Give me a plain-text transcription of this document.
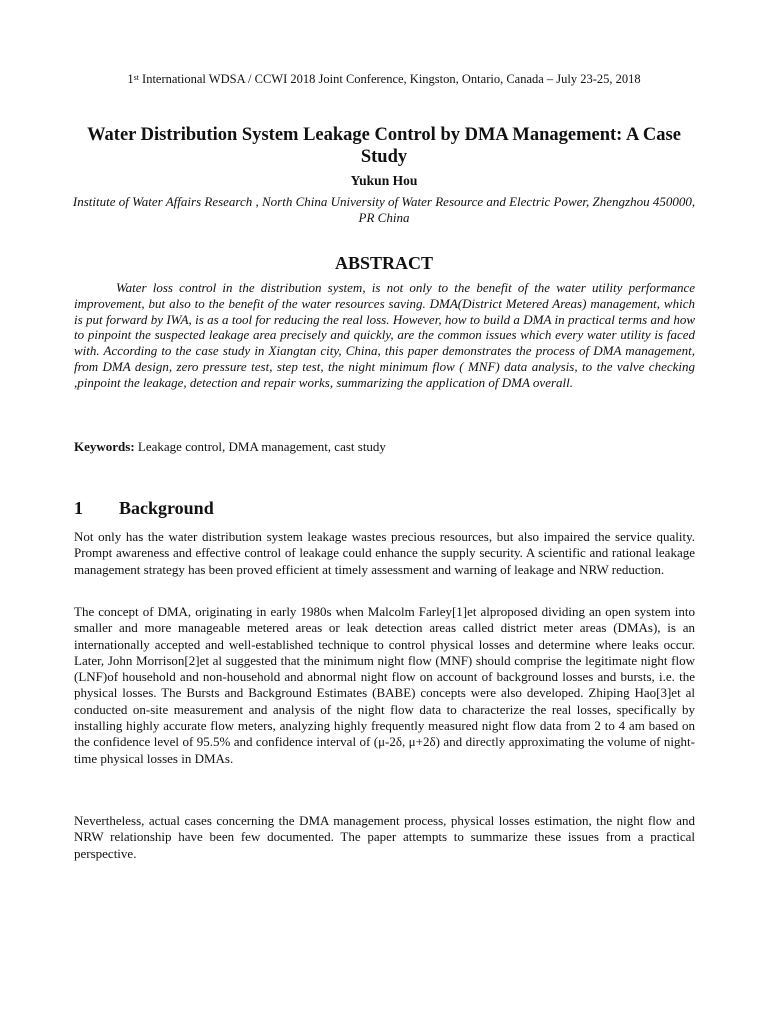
1st International WDSA / CCWI 2018 Joint Conference, Kingston, Ontario, Canada – July 23-25, 2018
Water Distribution System Leakage Control by DMA Management: A Case Study
Yukun Hou
Institute of Water Affairs Research , North China University of Water Resource and Electric Power, Zhengzhou 450000, PR China
ABSTRACT

Water loss control in the distribution system, is not only to the benefit of the water utility performance improvement, but also to the benefit of the water resources saving. DMA(District Metered Areas) management, which is put forward by IWA, is as a tool for reducing the real loss. However, how to build a DMA in practical terms and how to pinpoint the suspected leakage area precisely and quickly, are the common issues which every water utility is faced with. According to the case study in Xiangtan city, China, this paper demonstrates the process of DMA management, from DMA design, zero pressure test, step test, the night minimum flow ( MNF) data analysis, to the valve checking ,pinpoint the leakage, detection and repair works, summarizing the application of DMA overall.

Keywords: Leakage control, DMA management, cast study

1 Background

Not only has the water distribution system leakage wastes precious resources, but also impaired the service quality. Prompt awareness and effective control of leakage could enhance the supply security. A scientific and rational leakage management strategy has been proved efficient at timely assessment and warning of leakage and NRW reduction.

The concept of DMA, originating in early 1980s when Malcolm Farley[1]et alproposed dividing an open system into smaller and more manageable metered areas or leak detection areas called district meter areas (DMAs), is an internationally accepted and well-established technique to control physical losses and determine where leaks occur. Later, John Morrison[2]et al suggested that the minimum night flow (MNF) should comprise the legitimate night flow (LNF)of household and non-household and abnormal night flow on account of background losses and bursts, i.e. the physical losses. The Bursts and Background Estimates (BABE) concepts were also developed. Zhiping Hao[3]et al conducted on-site measurement and analysis of the night flow data to characterize the real losses, specifically by installing highly accurate flow meters, analyzing highly frequently measured night flow data from 2 to 4 am based on the confidence level of 95.5% and confidence interval of (μ-2δ, μ+2δ) and directly approximating the volume of night-time physical losses in DMAs.

Nevertheless, actual cases concerning the DMA management process, physical losses estimation, the night flow and NRW relationship have been few documented. The paper attempts to summarize these issues from a practical perspective.
